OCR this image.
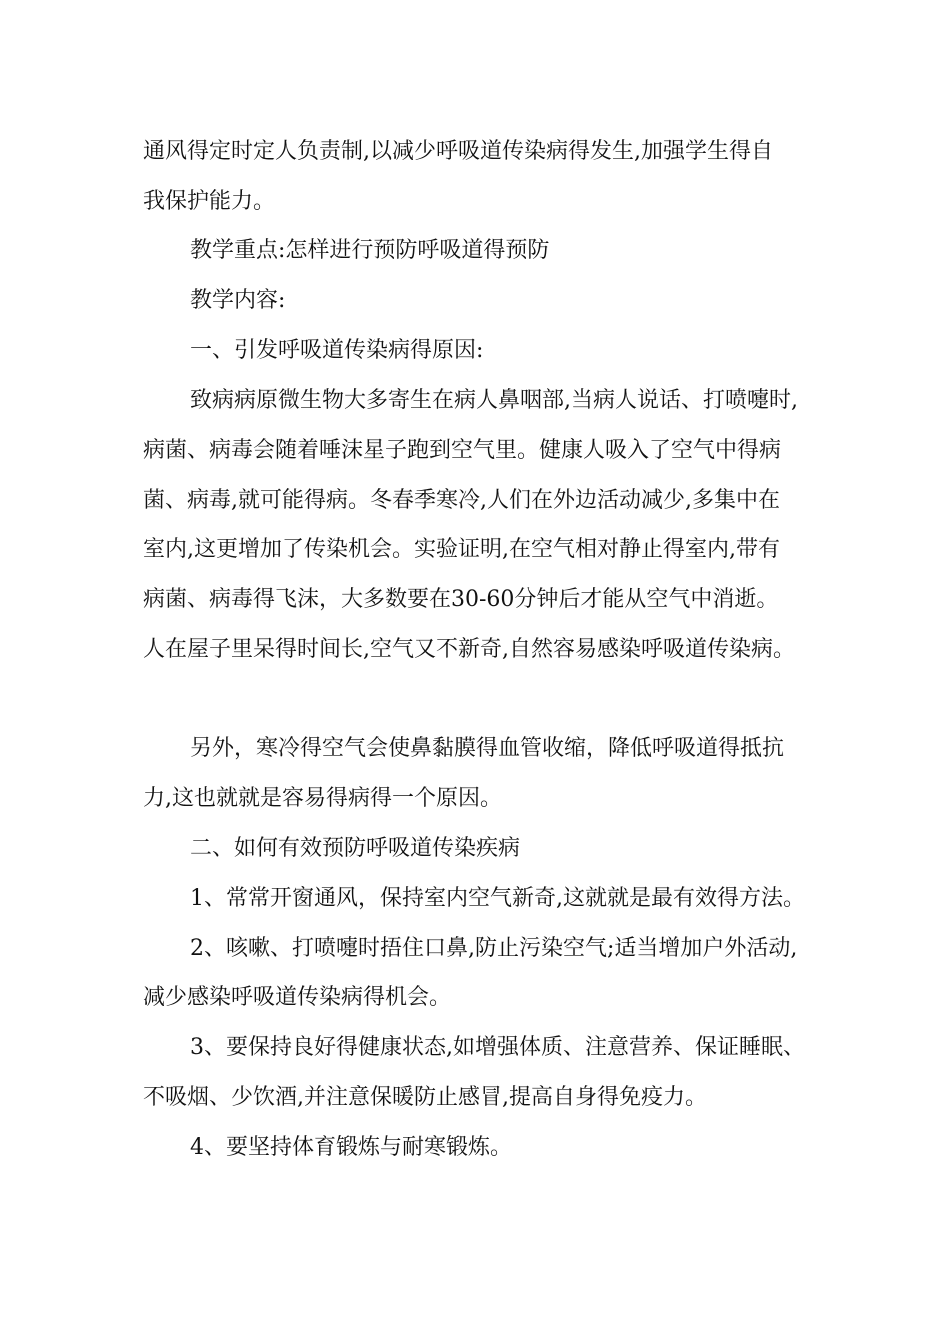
通风得定时定人负责制,以减少呼吸道传染病得发生,加强学生得自
我保护能力。
教学重点:怎样进行预防呼吸道得预防
教学内容:
一、引发呼吸道传染病得原因:
致病病原微生物大多寄生在病人鼻咽部,当病人说话、打喷嚏时,
病菌、病毒会随着唾沫星子跑到空气里。健康人吸入了空气中得病
菌、病毒,就可能得病。冬春季寒冷,人们在外边活动减少,多集中在
室内,这更增加了传染机会。实验证明,在空气相对静止得室内,带有
病菌、病毒得飞沫，大多数要在30-60分钟后才能从空气中消逝。
人在屋子里呆得时间长,空气又不新奇,自然容易感染呼吸道传染病。
另外，寒冷得空气会使鼻黏膜得血管收缩，降低呼吸道得抵抗
力,这也就就是容易得病得一个原因。
二、如何有效预防呼吸道传染疾病
1、常常开窗通风，保持室内空气新奇,这就就是最有效得方法。
2、咳嗽、打喷嚏时捂住口鼻,防止污染空气;适当增加户外活动,
减少感染呼吸道传染病得机会。
3、要保持良好得健康状态,如增强体质、注意营养、保证睡眠、
不吸烟、少饮酒,并注意保暖防止感冒,提高自身得免疫力。
4、要坚持体育锻炼与耐寒锻炼。
